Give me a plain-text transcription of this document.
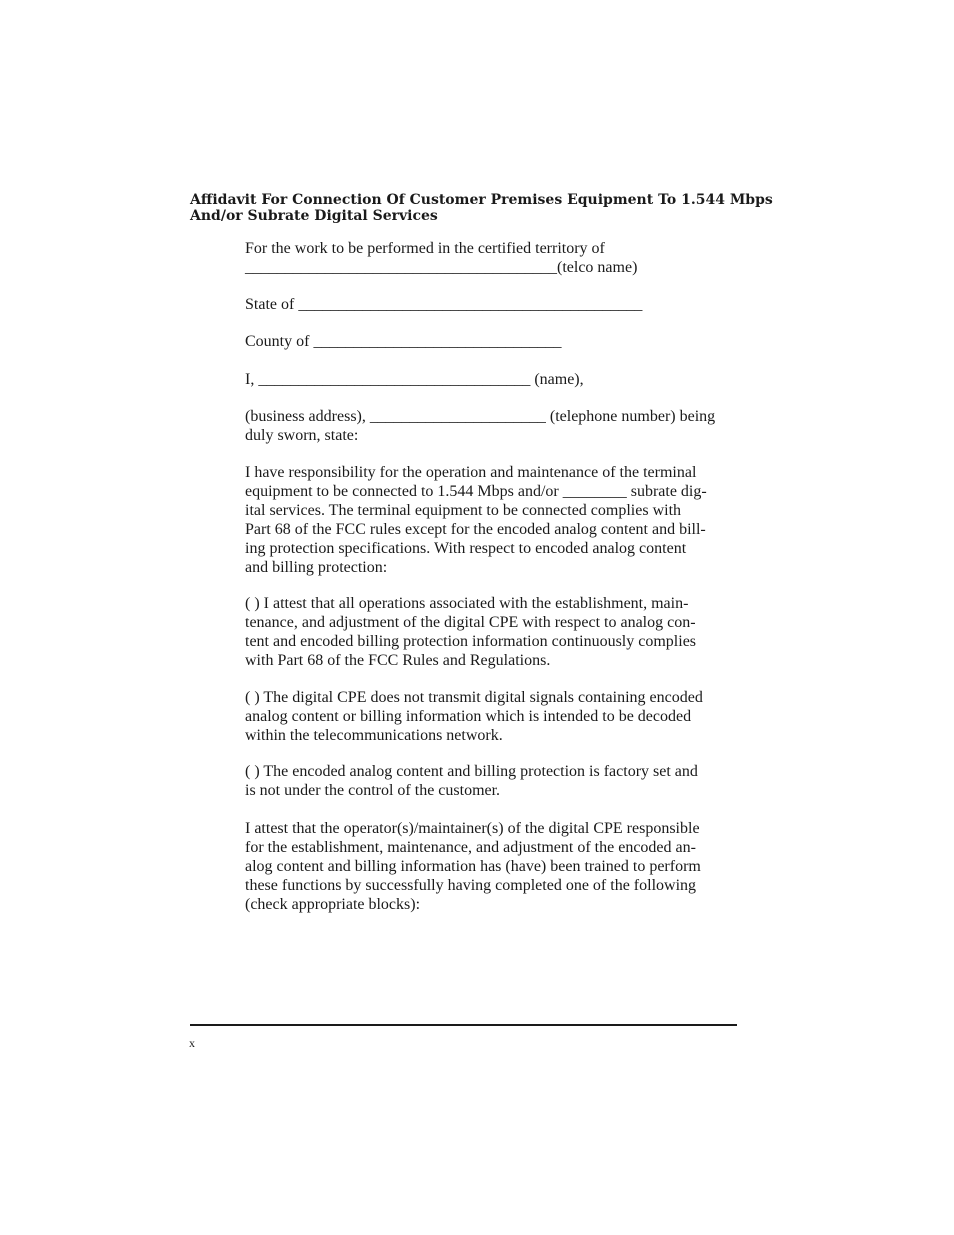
Affidavit For Connection Of Customer Premises Equipment To 1.544 Mbps
And/or Subrate Digital Services

For the work to be performed in the certified territory of
_______________________________________(telco name)

State of ___________________________________________

County of _______________________________

I, __________________________________ (name),

(business address), ______________________ (telephone number) being
duly sworn, state:

I have responsibility for the operation and maintenance of the terminal
equipment to be connected to 1.544 Mbps and/or ________ subrate dig-
ital services. The terminal equipment to be connected complies with
Part 68 of the FCC rules except for the encoded analog content and bill-
ing protection specifications. With respect to encoded analog content
and billing protection:

( ) I attest that all operations associated with the establishment, main-
tenance, and adjustment of the digital CPE with respect to analog con-
tent and encoded billing protection information continuously complies
with Part 68 of the FCC Rules and Regulations.

( ) The digital CPE does not transmit digital signals containing encoded
analog content or billing information which is intended to be decoded
within the telecommunications network.

( ) The encoded analog content and billing protection is factory set and
is not under the control of the customer.

I attest that the operator(s)/maintainer(s) of the digital CPE responsible
for the establishment, maintenance, and adjustment of the encoded an-
alog content and billing information has (have) been trained to perform
these functions by successfully having completed one of the following
(check appropriate blocks):

x
